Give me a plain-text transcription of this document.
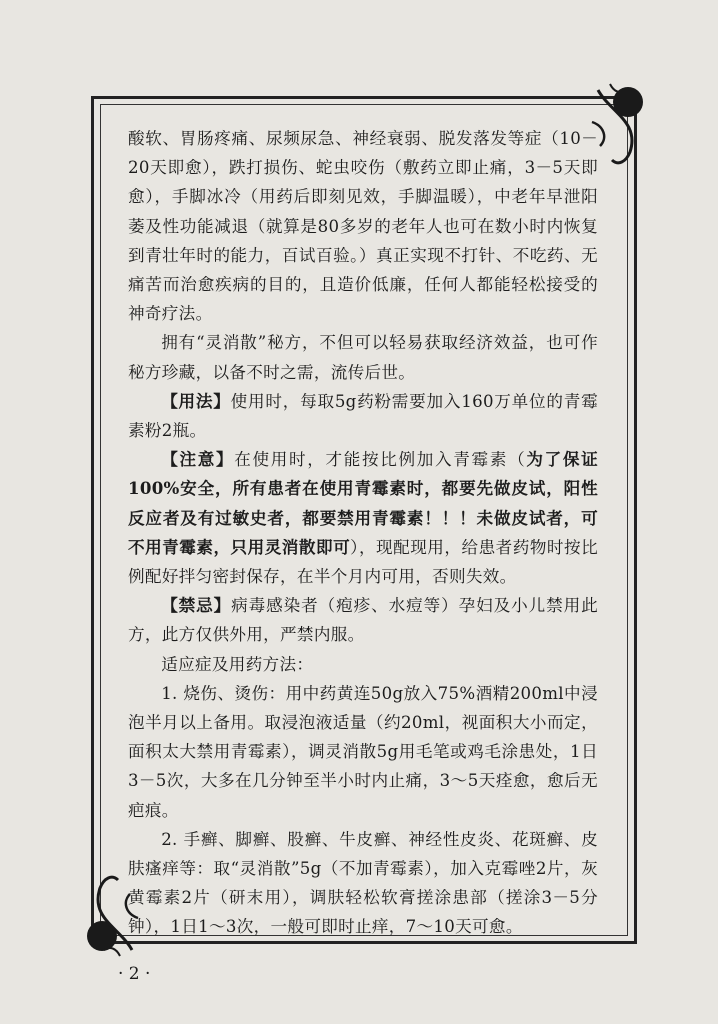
酸软、胃肠疼痛、尿频尿急、神经衰弱、脱发落发等症（10－20天即愈），跌打损伤、蛇虫咬伤（敷药立即止痛，3－5天即愈），手脚冰冷（用药后即刻见效，手脚温暖），中老年早泄阳萎及性功能减退（就算是80多岁的老年人也可在数小时内恢复到青壮年时的能力，百试百验。）真正实现不打针、不吃药、无痛苦而治愈疾病的目的，且造价低廉，任何人都能轻松接受的神奇疗法。

拥有“灵消散”秘方，不但可以轻易获取经济效益，也可作秘方珍藏，以备不时之需，流传后世。

【用法】使用时，每取5g药粉需要加入160万单位的青霉素粉2瓶。

【注意】在使用时，才能按比例加入青霉素（为了保证100%安全，所有患者在使用青霉素时，都要先做皮试，阳性反应者及有过敏史者，都要禁用青霉素！！！未做皮试者，可不用青霉素，只用灵消散即可），现配现用，给患者药物时按比例配好拌匀密封保存，在半个月内可用，否则失效。

【禁忌】病毒感染者（疱疹、水痘等）孕妇及小儿禁用此方，此方仅供外用，严禁内服。

适应症及用药方法：

1. 烧伤、烫伤：用中药黄连50g放入75%酒精200ml中浸泡半月以上备用。取浸泡液适量（约20ml，视面积大小而定，面积太大禁用青霉素），调灵消散5g用毛笔或鸡毛涂患处，1日3－5次，大多在几分钟至半小时内止痛，3～5天痊愈，愈后无疤痕。

2. 手癣、脚癣、股癣、牛皮癣、神经性皮炎、花斑癣、皮肤瘙痒等：取“灵消散”5g（不加青霉素），加入克霉唑2片，灰黄霉素2片（研末用），调肤轻松软膏搓涂患部（搓涂3－5分钟），1日1～3次，一般可即时止痒，7～10天可愈。

· 2 ·
